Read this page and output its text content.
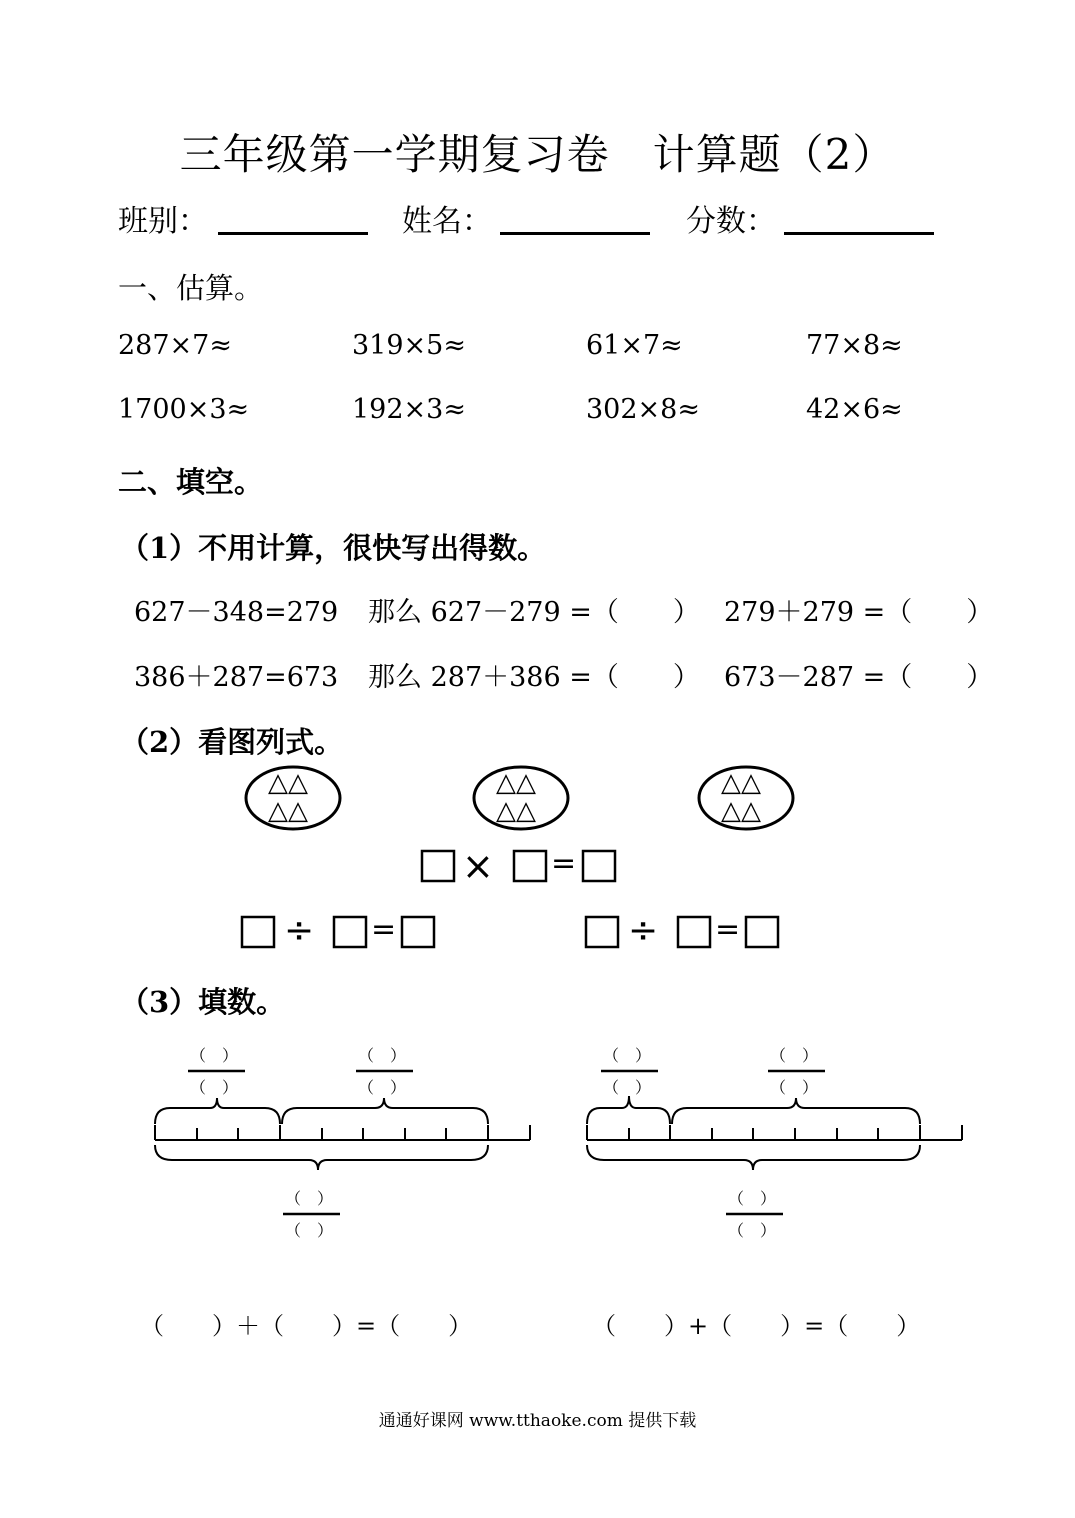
三年级第一学期复习卷　计算题（2）
班别：	姓名：	分数：
一、估算。
287×7≈	319×5≈	61×7≈	77×8≈
1700×3≈	192×3≈	302×8≈	42×6≈
二、填空。
（1）不用计算，很快写出得数。
627－348=279 那么 627－279 =（　　） 279＋279 =（　　）
386＋287=673 那么 287＋386 =（　　） 673－287 =（　　）
（2）看图列式。
△△
△△
△△
△△
△△
△△
× =
÷ =	÷ =
（3）填数。
（　）
（　）
（　）
（　）
（　）
（　）
（　）
（　）
（　）
（　）
（　）
（　）
（　　）＋（　　）=（　　）	（　　）+（　　）=（　　）
通通好课网 www.tthaoke.com 提供下载
